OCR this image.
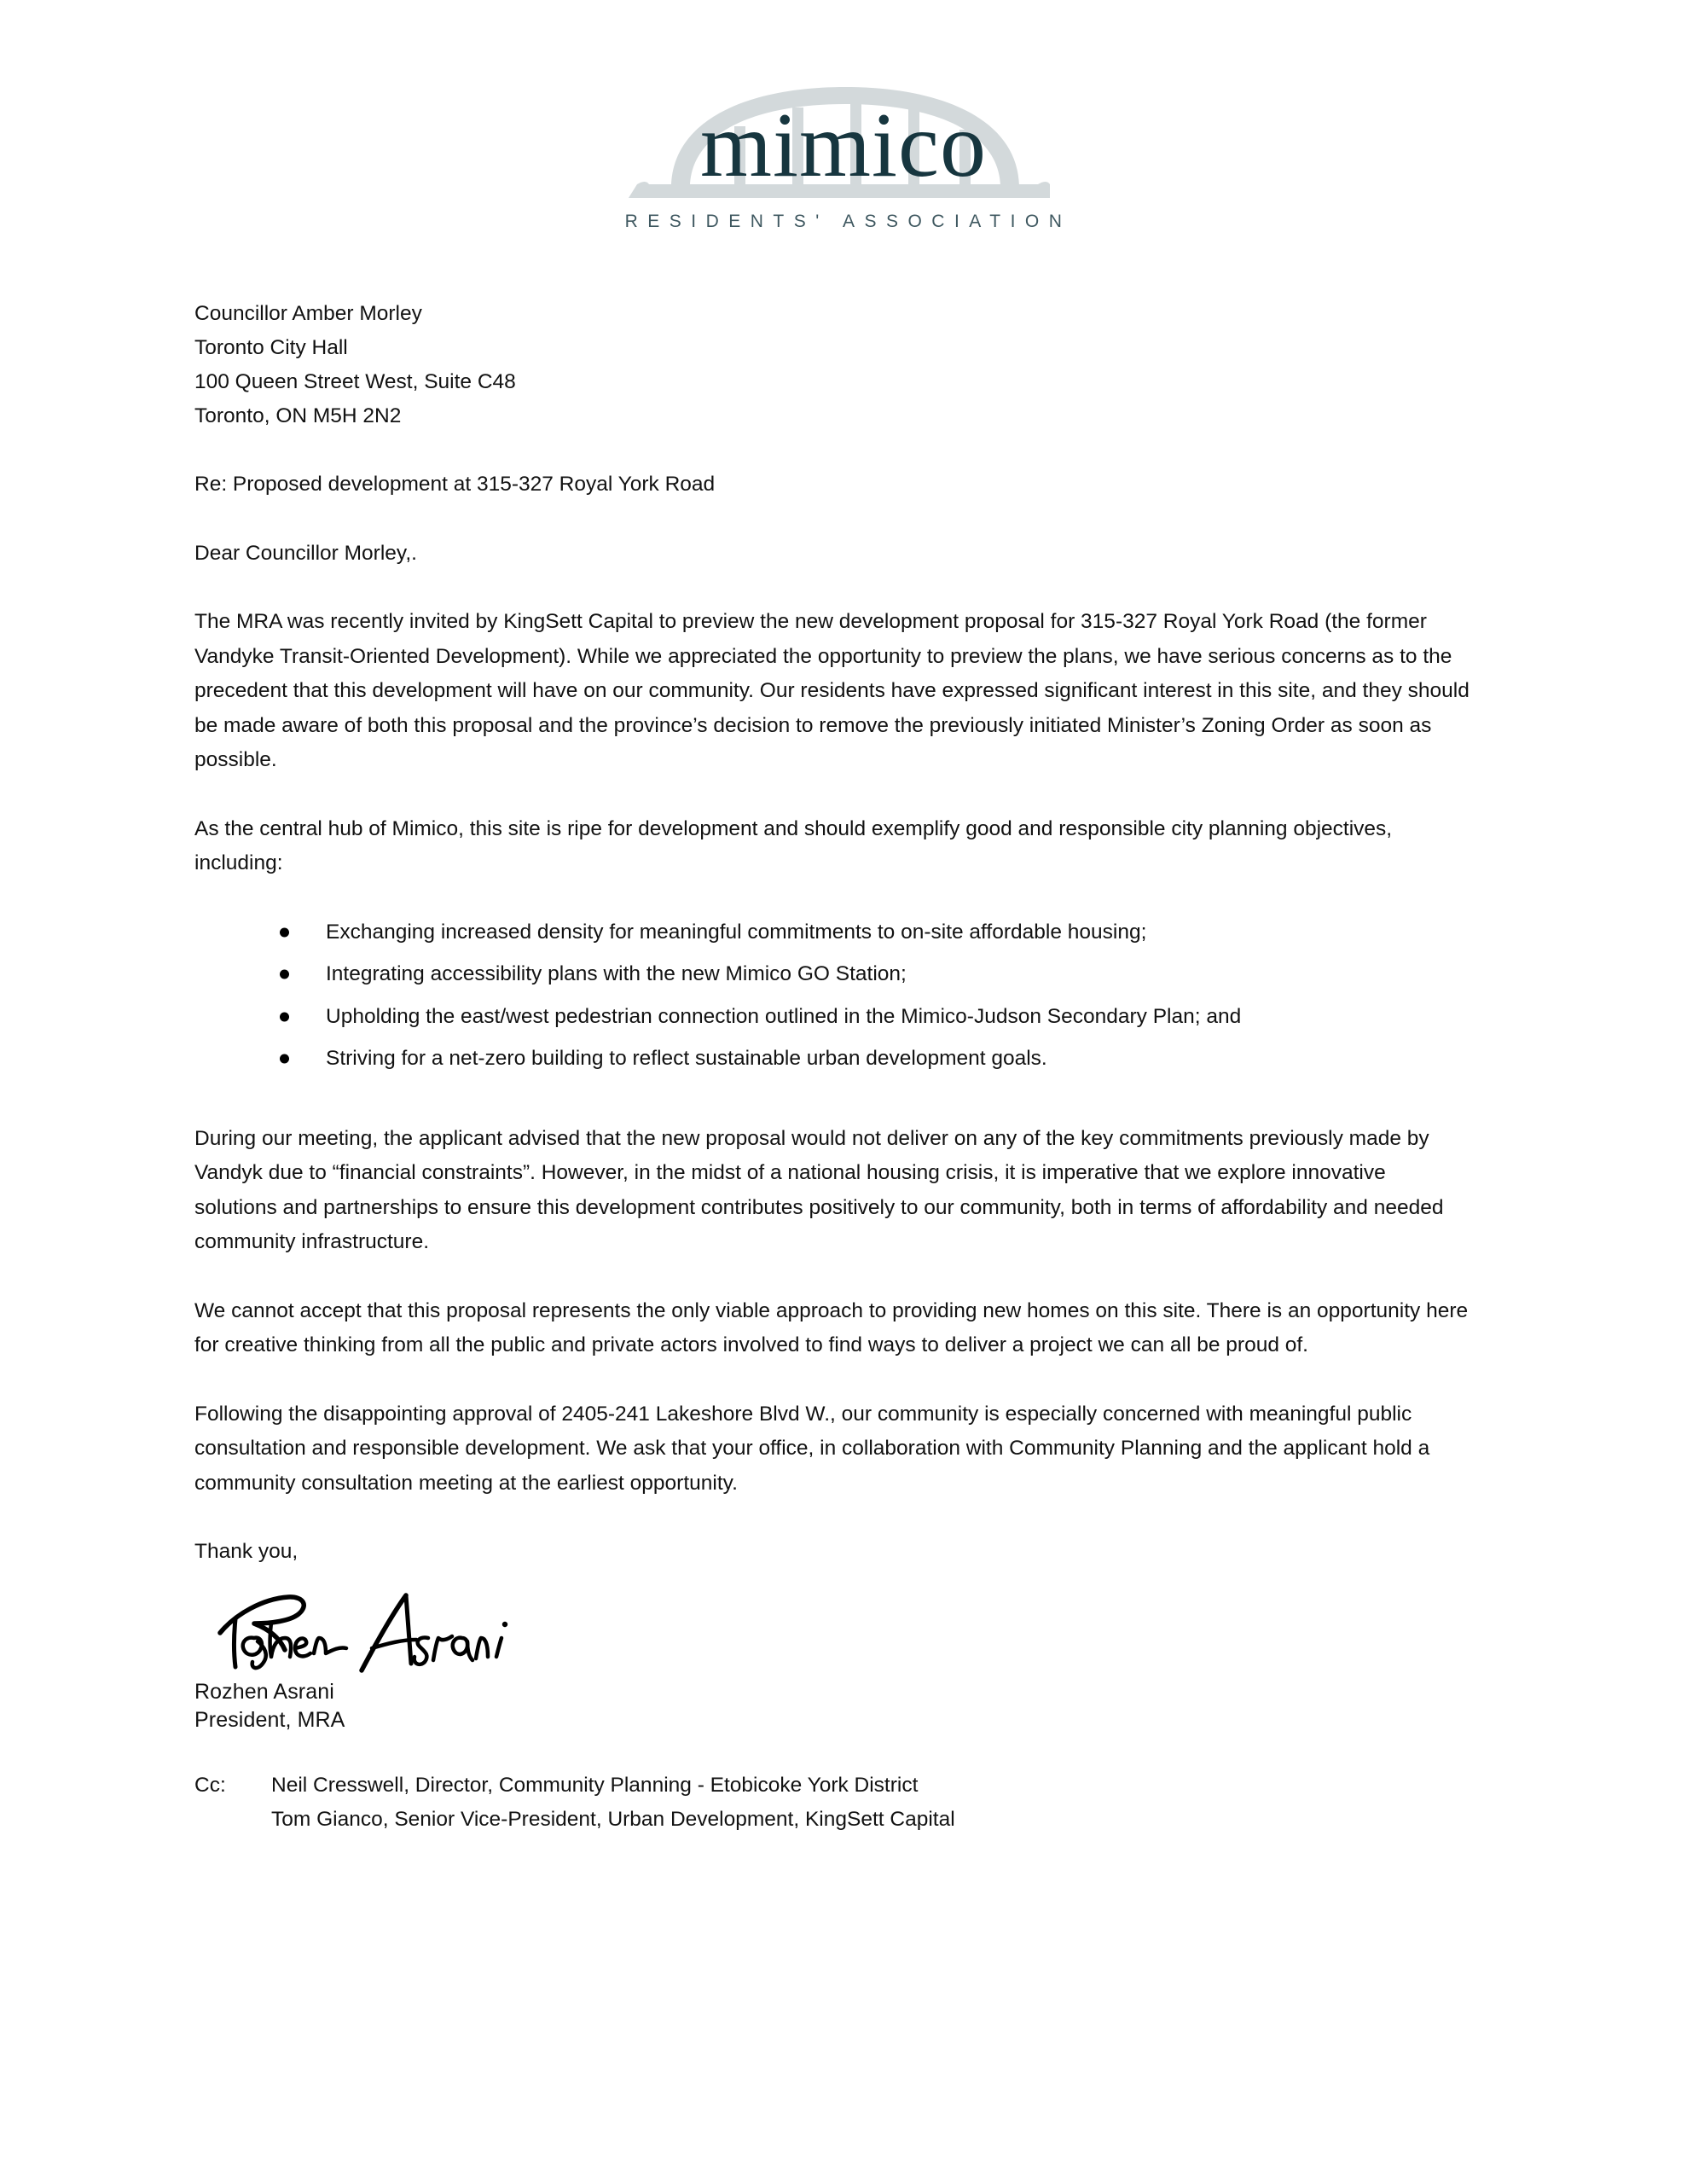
mimico
RESIDENTS' ASSOCIATION
Councillor Amber Morley
Toronto City Hall
100 Queen Street West, Suite C48
Toronto, ON M5H 2N2
Re: Proposed development at 315-327 Royal York Road
Dear Councillor Morley,.

The MRA was recently invited by KingSett Capital to preview the new development proposal for 315-327 Royal York Road (the former Vandyke Transit-Oriented Development). While we appreciated the opportunity to preview the plans, we have serious concerns as to the precedent that this development will have on our community. Our residents have expressed significant interest in this site, and they should be made aware of both this proposal and the province’s decision to remove the previously initiated Minister’s Zoning Order as soon as possible.

As the central hub of Mimico, this site is ripe for development and should exemplify good and responsible city planning objectives, including:

Exchanging increased density for meaningful commitments to on-site affordable housing;
Integrating accessibility plans with the new Mimico GO Station;
Upholding the east/west pedestrian connection outlined in the Mimico-Judson Secondary Plan; and
Striving for a net-zero building to reflect sustainable urban development goals.

During our meeting, the applicant advised that the new proposal would not deliver on any of the key commitments previously made by Vandyk due to “financial constraints”. However, in the midst of a national housing crisis, it is imperative that we explore innovative solutions and partnerships to ensure this development contributes positively to our community, both in terms of affordability and needed community infrastructure.

We cannot accept that this proposal represents the only viable approach to providing new homes on this site. There is an opportunity here for creative thinking from all the public and private actors involved to find ways to deliver a project we can all be proud of.

Following the disappointing approval of 2405-241 Lakeshore Blvd W., our community is especially concerned with meaningful public consultation and responsible development. We ask that your office, in collaboration with Community Planning and the applicant hold a community consultation meeting at the earliest opportunity.

Thank you,
Rozhen Asrani
President, MRA
Cc:	Neil Cresswell, Director, Community Planning - Etobicoke York District
Tom Gianco, Senior Vice-President, Urban Development, KingSett Capital
